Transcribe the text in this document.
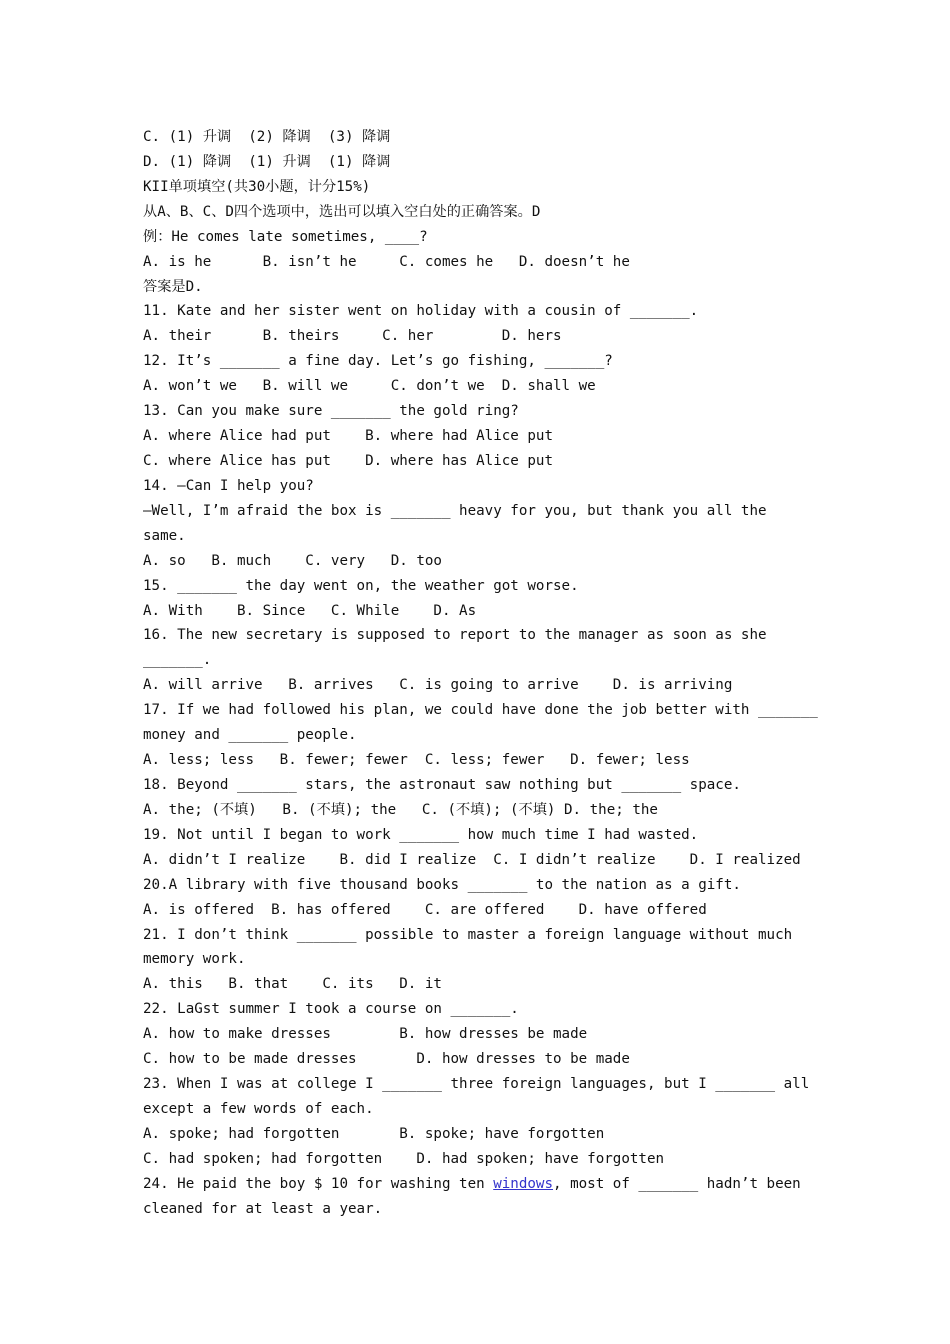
C. (1) 升调  (2) 降调  (3) 降调
D. (1) 降调  (1) 升调  (1) 降调
KII单项填空(共30小题，计分15%)
从A、B、C、D四个选项中，选出可以填入空白处的正确答案。D
例：He comes late sometimes, ____?
A. is he      B. isn’t he     C. comes he   D. doesn’t he
答案是D.
11. Kate and her sister went on holiday with a cousin of _______.
A. their      B. theirs     C. her        D. hers
12. It’s _______ a fine day. Let’s go fishing, _______?
A. won’t we   B. will we     C. don’t we  D. shall we
13. Can you make sure _______ the gold ring?
A. where Alice had put    B. where had Alice put
C. where Alice has put    D. where has Alice put
14. —Can I help you?
—Well, I’m afraid the box is _______ heavy for you, but thank you all the
same.
A. so   B. much    C. very   D. too
15. _______ the day went on, the weather got worse.
A. With    B. Since   C. While    D. As
16. The new secretary is supposed to report to the manager as soon as she
_______.
A. will arrive   B. arrives   C. is going to arrive    D. is arriving
17. If we had followed his plan, we could have done the job better with _______
money and _______ people.
A. less; less   B. fewer; fewer  C. less; fewer   D. fewer; less
18. Beyond _______ stars, the astronaut saw nothing but _______ space.
A. the; (不填)   B. (不填); the   C. (不填); (不填) D. the; the
19. Not until I began to work _______ how much time I had wasted.
A. didn’t I realize    B. did I realize  C. I didn’t realize    D. I realized
20.A library with five thousand books _______ to the nation as a gift.
A. is offered  B. has offered    C. are offered    D. have offered
21. I don’t think _______ possible to master a foreign language without much
memory work.
A. this   B. that    C. its   D. it
22. LaGst summer I took a course on _______.
A. how to make dresses        B. how dresses be made
C. how to be made dresses       D. how dresses to be made
23. When I was at college I _______ three foreign languages, but I _______ all
except a few words of each.
A. spoke; had forgotten       B. spoke; have forgotten
C. had spoken; had forgotten    D. had spoken; have forgotten
24. He paid the boy $ 10 for washing ten windows, most of _______ hadn’t been
cleaned for at least a year.
